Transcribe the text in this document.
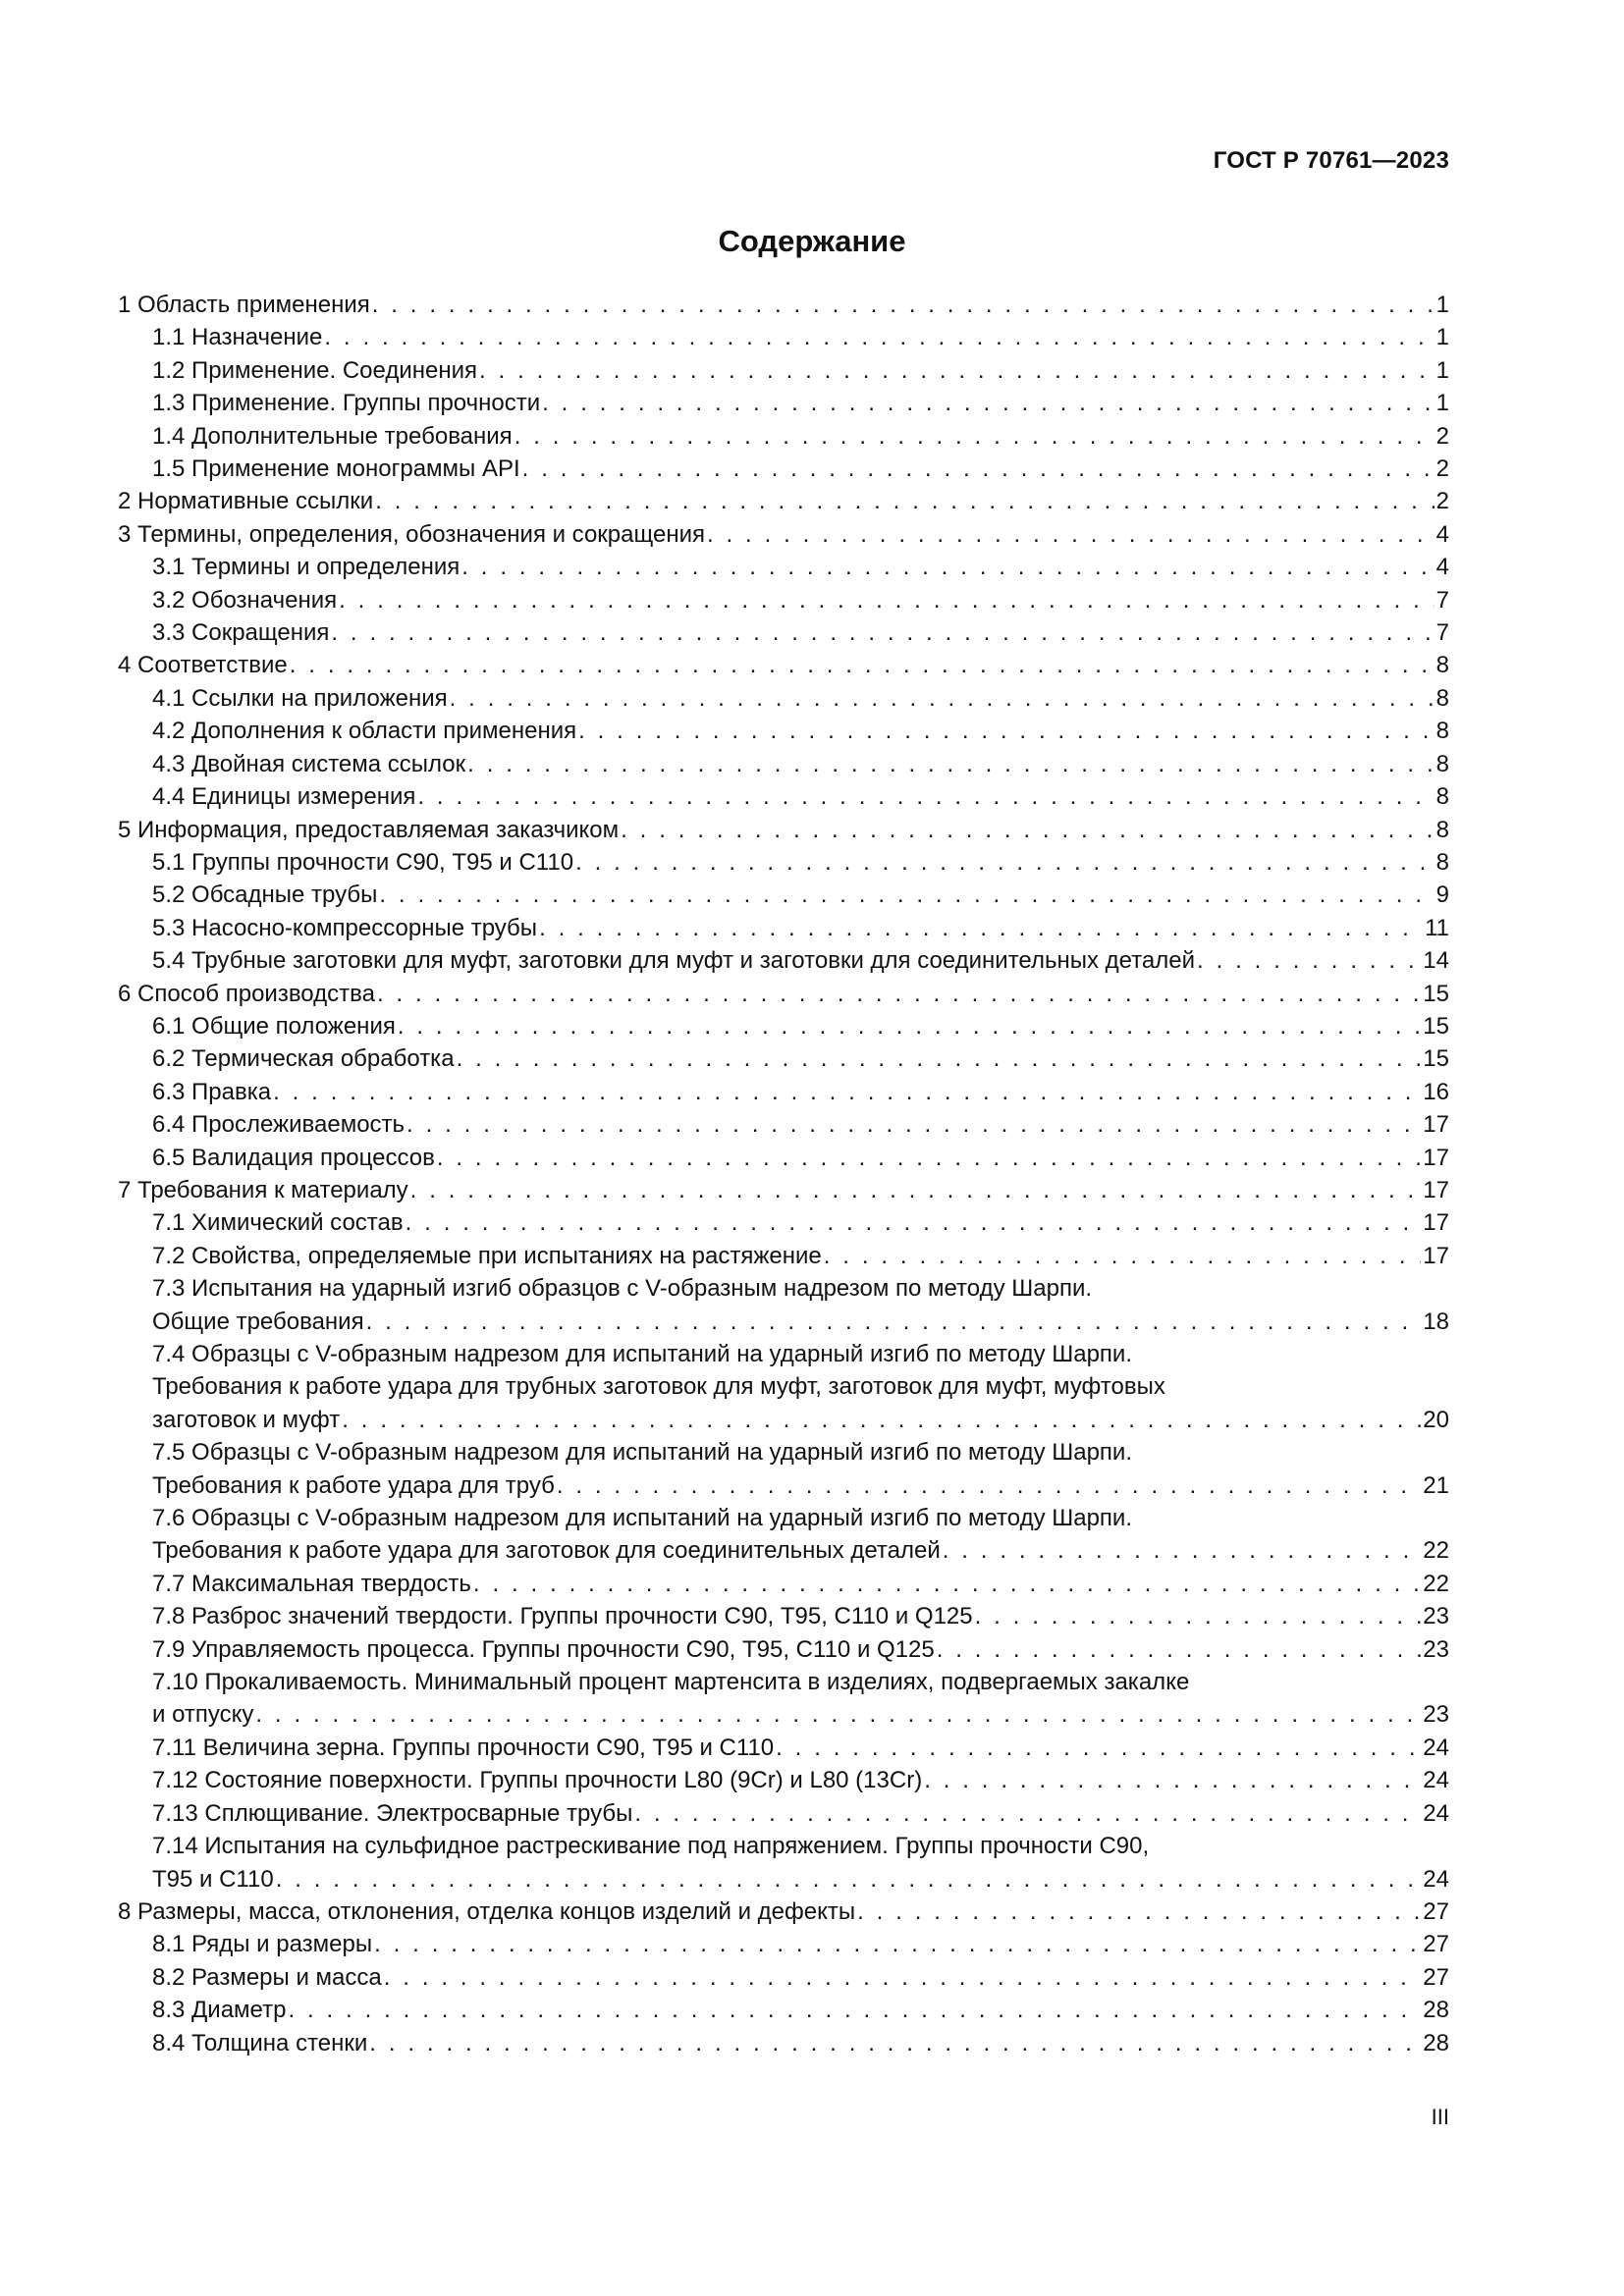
ГОСТ Р 70761—2023
Содержание
1 Область применения . . .	1
1.1 Назначение . . .	1
1.2 Применение. Соединения . . .	1
1.3 Применение. Группы прочности . . .	1
1.4 Дополнительные требования . . .	2
1.5 Применение монограммы API . . .	2
2 Нормативные ссылки . . .	2
3 Термины, определения, обозначения и сокращения . . .	4
3.1 Термины и определения . . .	4
3.2 Обозначения . . .	7
3.3 Сокращения . . .	7
4 Соответствие . . .	8
4.1 Ссылки на приложения . . .	8
4.2 Дополнения к области применения . . .	8
4.3 Двойная система ссылок . . .	8
4.4 Единицы измерения . . .	8
5 Информация, предоставляемая заказчиком . . .	8
5.1 Группы прочности С90, Т95 и С110 . . .	8
5.2 Обсадные трубы . . .	9
5.3 Насосно-компрессорные трубы . . .	11
5.4 Трубные заготовки для муфт, заготовки для муфт и заготовки для соединительных деталей . . .	14
6 Способ производства . . .	15
6.1 Общие положения . . .	15
6.2 Термическая обработка . . .	15
6.3 Правка . . .	16
6.4 Прослеживаемость . . .	17
6.5 Валидация процессов . . .	17
7 Требования к материалу . . .	17
7.1 Химический состав . . .	17
7.2 Свойства, определяемые при испытаниях на растяжение . . .	17
7.3 Испытания на ударный изгиб образцов с V-образным надрезом по методу Шарпи.
Общие требования . . .	18
7.4 Образцы с V-образным надрезом для испытаний на ударный изгиб по методу Шарпи.
Требования к работе удара для трубных заготовок для муфт, заготовок для муфт, муфтовых
заготовок и муфт . . .	20
7.5 Образцы с V-образным надрезом для испытаний на ударный изгиб по методу Шарпи.
Требования к работе удара для труб . . .	21
7.6 Образцы с V-образным надрезом для испытаний на ударный изгиб по методу Шарпи.
Требования к работе удара для заготовок для соединительных деталей . . .	22
7.7 Максимальная твердость . . .	22
7.8 Разброс значений твердости. Группы прочности С90, Т95, С110 и Q125 . . .	23
7.9 Управляемость процесса. Группы прочности С90, Т95, С110 и Q125 . . .	23
7.10 Прокаливаемость. Минимальный процент мартенсита в изделиях, подвергаемых закалке
и отпуску . . .	23
7.11 Величина зерна. Группы прочности С90, Т95 и С110 . . .	24
7.12 Состояние поверхности. Группы прочности L80 (9Cr) и L80 (13Cr) . . .	24
7.13 Сплющивание. Электросварные трубы . . .	24
7.14 Испытания на сульфидное растрескивание под напряжением. Группы прочности С90,
Т95 и С110 . . .	24
8 Размеры, масса, отклонения, отделка концов изделий и дефекты . . .	27
8.1 Ряды и размеры . . .	27
8.2 Размеры и масса . . .	27
8.3 Диаметр . . .	28
8.4 Толщина стенки . . .	28
III
